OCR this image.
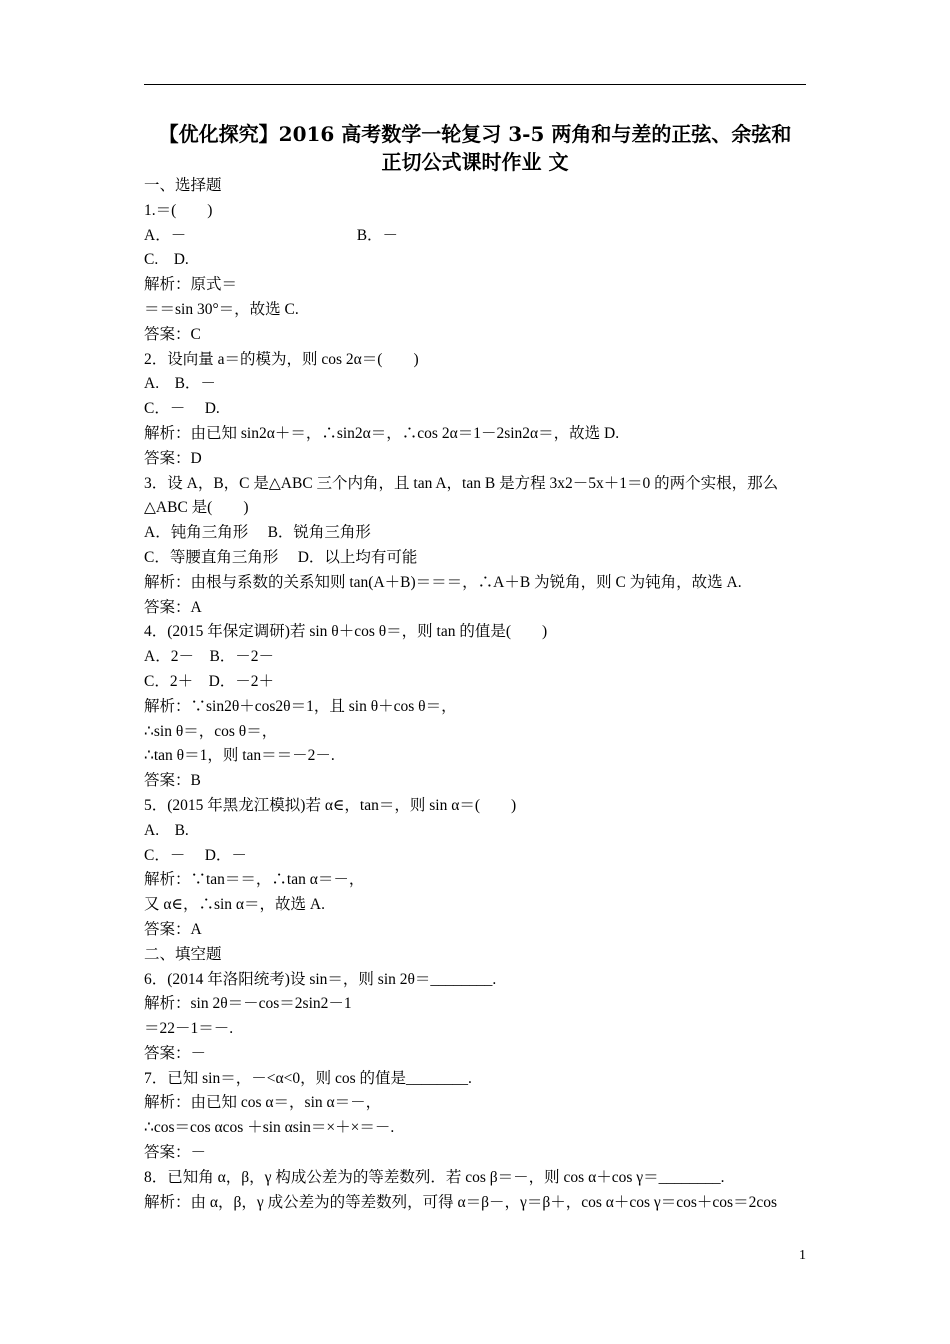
【优化探究】2016 高考数学一轮复习 3-5 两角和与差的正弦、余弦和
正切公式课时作业 文
一、选择题
1.＝(　　)
A．－　　　　　　　　　　　B．－
C.　D.
解析：原式＝
＝＝sin 30°＝，故选 C.
答案：C
2．设向量 a＝的模为，则 cos 2α＝(　　)
A.　B．－
C．－　 D.
解析：由已知 sin2α＋＝，∴sin2α＝，∴cos 2α＝1－2sin2α＝，故选 D.
答案：D
3．设 A，B，C 是△ABC 三个内角，且 tan A，tan B 是方程 3x2－5x＋1＝0 的两个实根，那么
△ABC 是(　　)
A．钝角三角形　 B．锐角三角形
C．等腰直角三角形　 D．以上均有可能
解析：由根与系数的关系知则 tan(A＋B)＝＝＝，∴A＋B 为锐角，则 C 为钝角，故选 A.
答案：A
4．(2015 年保定调研)若 sin θ＋cos θ＝，则 tan 的值是(　　)
A．2－　B．－2－
C．2＋　D．－2＋
解析：∵sin2θ＋cos2θ＝1，且 sin θ＋cos θ＝，
∴sin θ＝，cos θ＝，
∴tan θ＝1，则 tan＝＝－2－.
答案：B
5．(2015 年黑龙江模拟)若 α∈，tan＝，则 sin α＝(　　)
A.　B.
C．－　 D．－
解析：∵tan＝＝，∴tan α＝－，
又 α∈，∴sin α＝，故选 A.
答案：A
二、填空题
6．(2014 年洛阳统考)设 sin＝，则 sin 2θ＝________.
解析：sin 2θ＝－cos＝2sin2－1
＝22－1＝－.
答案：－
7．已知 sin＝，－<α<0，则 cos 的值是________.
解析：由已知 cos α＝，sin α＝－，
∴cos＝cos αcos ＋sin αsin＝×＋×＝－.
答案：－
8．已知角 α，β，γ 构成公差为的等差数列．若 cos β＝－，则 cos α＋cos γ＝________.
解析：由 α，β，γ 成公差为的等差数列，可得 α＝β－，γ＝β＋，cos α＋cos γ＝cos＋cos＝2cos
1
